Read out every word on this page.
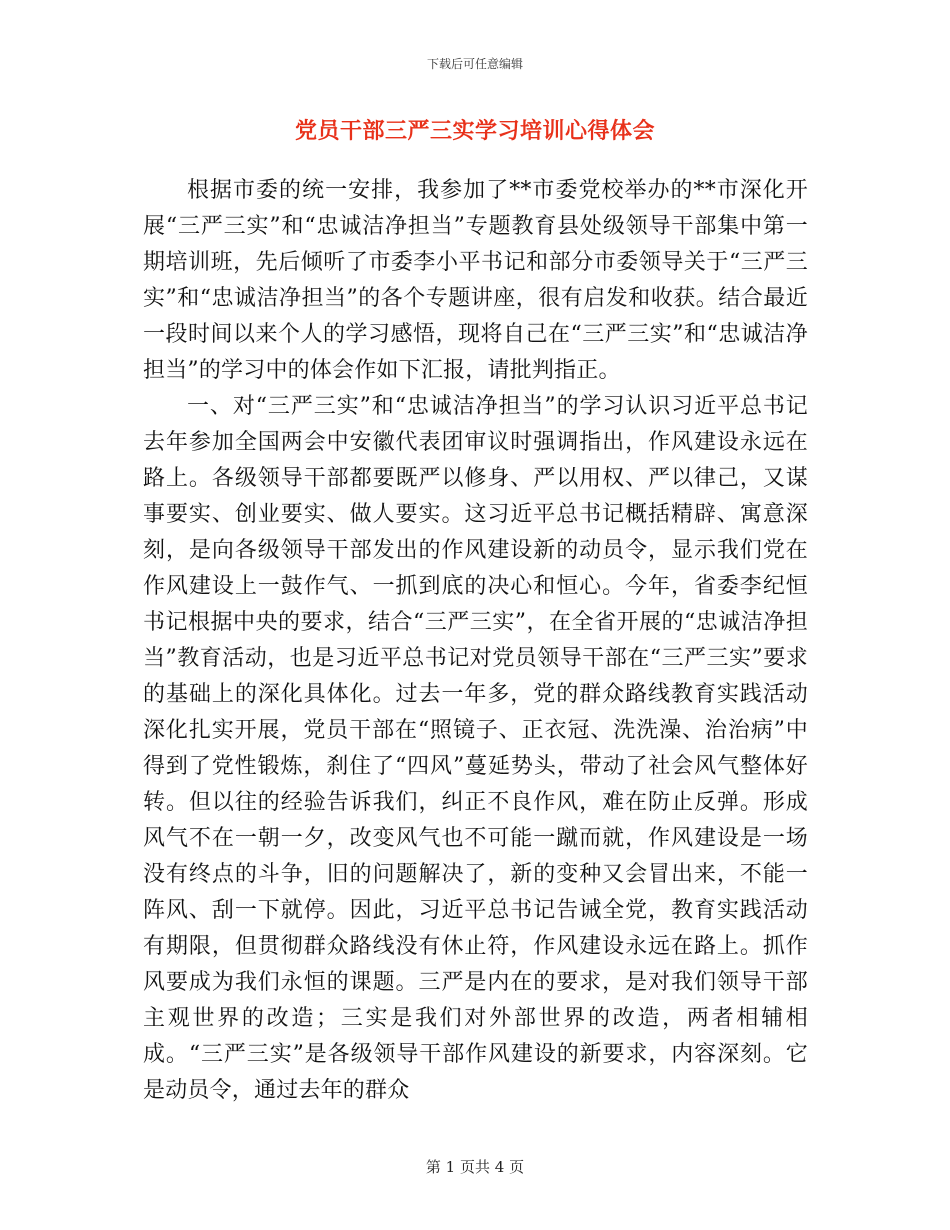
下载后可任意编辑
党员干部三严三实学习培训心得体会

根据市委的统一安排，我参加了**市委党校举办的**市深化开展“三严三实”和“忠诚洁净担当”专题教育县处级领导干部集中第一期培训班，先后倾听了市委李小平书记和部分市委领导关于“三严三实”和“忠诚洁净担当”的各个专题讲座，很有启发和收获。结合最近一段时间以来个人的学习感悟，现将自己在“三严三实”和“忠诚洁净担当”的学习中的体会作如下汇报，请批判指正。

一、对“三严三实”和“忠诚洁净担当”的学习认识习近平总书记去年参加全国两会中安徽代表团审议时强调指出，作风建设永远在路上。各级领导干部都要既严以修身、严以用权、严以律己，又谋事要实、创业要实、做人要实。这习近平总书记概括精辟、寓意深刻，是向各级领导干部发出的作风建设新的动员令，显示我们党在作风建设上一鼓作气、一抓到底的决心和恒心。今年，省委李纪恒书记根据中央的要求，结合“三严三实”，在全省开展的“忠诚洁净担当”教育活动，也是习近平总书记对党员领导干部在“三严三实”要求的基础上的深化具体化。过去一年多，党的群众路线教育实践活动深化扎实开展，党员干部在“照镜子、正衣冠、洗洗澡、治治病”中得到了党性锻炼，刹住了“四风”蔓延势头，带动了社会风气整体好转。但以往的经验告诉我们，纠正不良作风，难在防止反弹。形成风气不在一朝一夕，改变风气也不可能一蹴而就，作风建设是一场没有终点的斗争，旧的问题解决了，新的变种又会冒出来，不能一阵风、刮一下就停。因此，习近平总书记告诫全党，教育实践活动有期限，但贯彻群众路线没有休止符，作风建设永远在路上。抓作风要成为我们永恒的课题。三严是内在的要求，是对我们领导干部主观世界的改造；三实是我们对外部世界的改造，两者相辅相成。“三严三实”是各级领导干部作风建设的新要求，内容深刻。它是动员令，通过去年的群众

第 1 页共 4 页
